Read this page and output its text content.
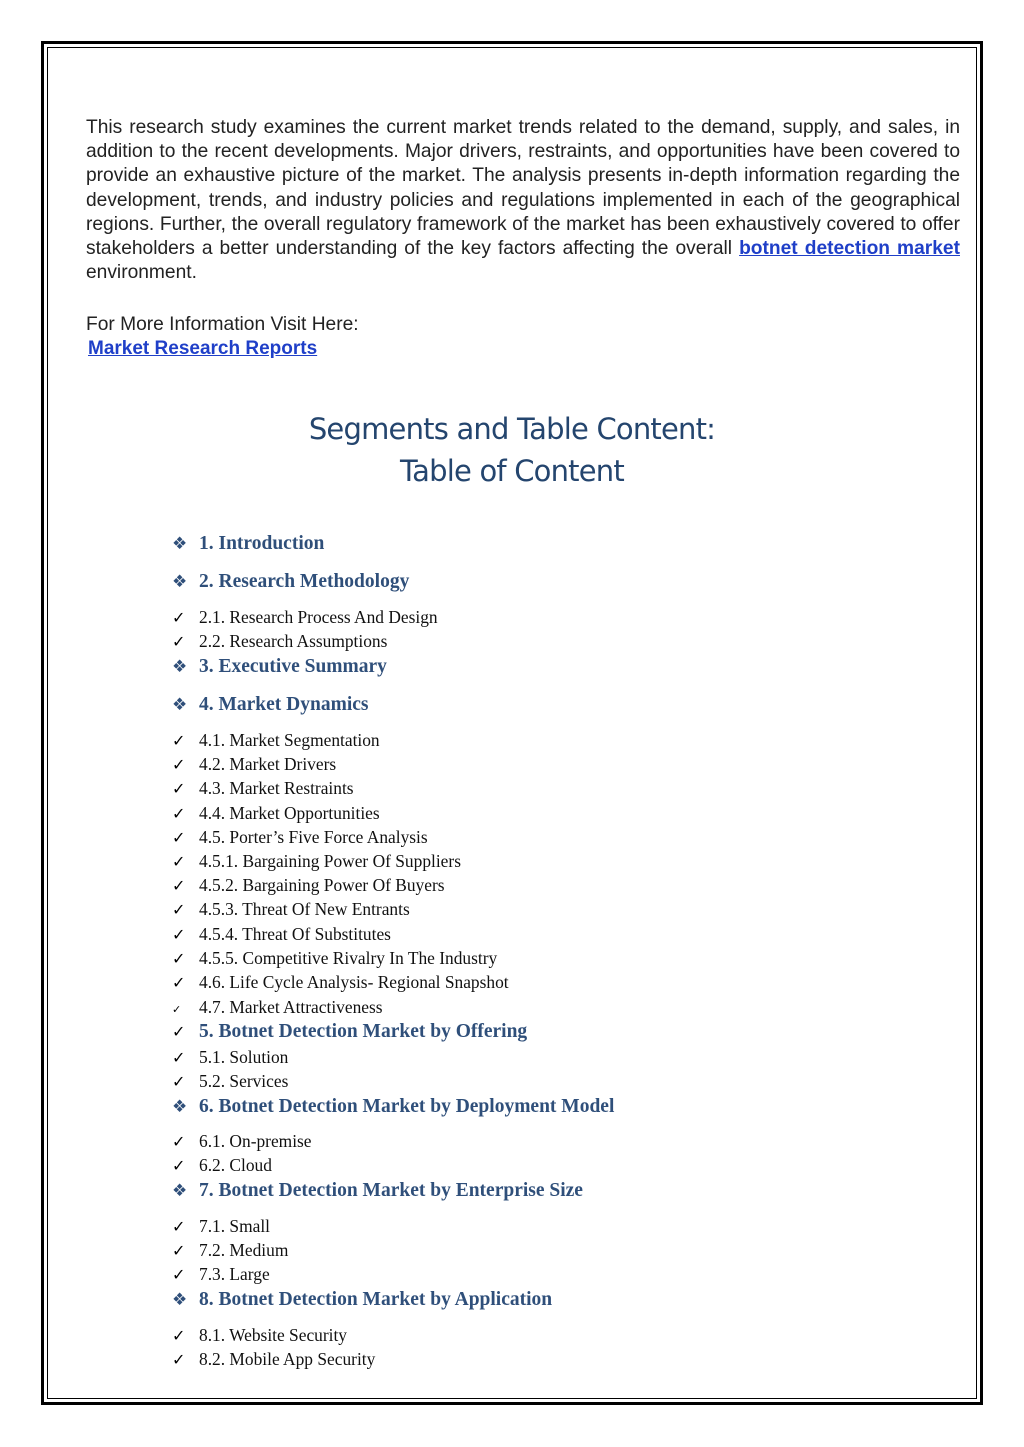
This research study examines the current market trends related to the demand, supply, and sales, in addition to the recent developments. Major drivers, restraints, and opportunities have been covered to provide an exhaustive picture of the market. The analysis presents in-depth information regarding the development, trends, and industry policies and regulations implemented in each of the geographical regions. Further, the overall regulatory framework of the market has been exhaustively covered to offer stakeholders a better understanding of the key factors affecting the overall botnet detection market environment.

For More Information Visit Here:
Market Research Reports
Segments and Table Content:
Table of Content
❖ 1. Introduction
❖ 2. Research Methodology
✓ 2.1. Research Process And Design
✓ 2.2. Research Assumptions
❖ 3. Executive Summary
❖ 4. Market Dynamics
✓ 4.1. Market Segmentation
✓ 4.2. Market Drivers
✓ 4.3. Market Restraints
✓ 4.4. Market Opportunities
✓ 4.5. Porter’s Five Force Analysis
✓ 4.5.1. Bargaining Power Of Suppliers
✓ 4.5.2. Bargaining Power Of Buyers
✓ 4.5.3. Threat Of New Entrants
✓ 4.5.4. Threat Of Substitutes
✓ 4.5.5. Competitive Rivalry In The Industry
✓ 4.6. Life Cycle Analysis- Regional Snapshot
✓	4.7. Market Attractiveness
✓ 5. Botnet Detection Market by Offering
✓ 5.1. Solution
✓ 5.2. Services
❖ 6. Botnet Detection Market by Deployment Model
✓ 6.1. On-premise
✓ 6.2. Cloud
❖ 7. Botnet Detection Market by Enterprise Size
✓ 7.1. Small
✓ 7.2. Medium
✓ 7.3. Large
❖ 8. Botnet Detection Market by Application
✓ 8.1. Website Security
✓ 8.2. Mobile App Security
